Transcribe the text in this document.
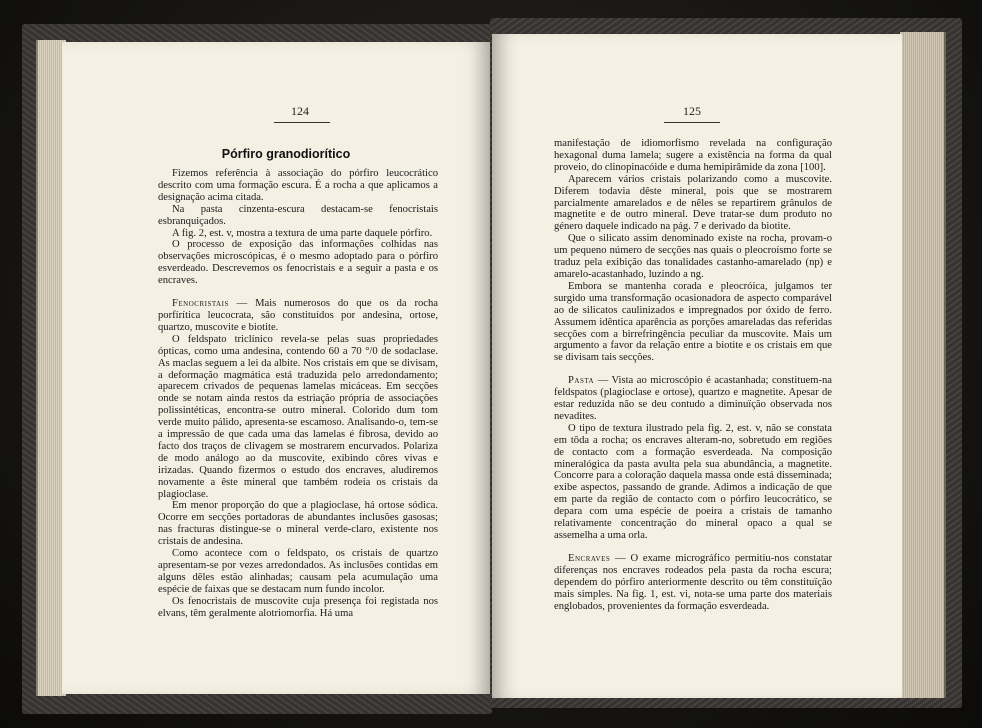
124
Pórfiro granodiorítico

Fizemos referência à associação do pórfiro leucocrático descrito com uma formação escura. É a rocha a que aplicamos a designação acima citada.

Na pasta cinzenta-escura destacam-se fenocristais esbranquiçados.

A fig. 2, est. v, mostra a textura de uma parte daquele pórfiro.

O processo de exposição das informações colhidas nas observações microscópicas, é o mesmo adoptado para o pórfiro esverdeado. Descrevemos os fenocristais e a seguir a pasta e os encraves.

Fenocristais — Mais numerosos do que os da rocha porfírítica leucocrata, são constituídos por andesina, ortose, quartzo, muscovite e biotite.

O feldspato triclínico revela-se pelas suas propriedades ópticas, como uma andesina, contendo 60 a 70 °/0 de sodaclase. As maclas seguem a lei da albite. Nos cristais em que se divisam, a deformação magmática está traduzida pelo arredondamento; aparecem crivados de pequenas lamelas micáceas. Em secções onde se notam ainda restos da estriação própria de associações polissintéticas, encontra-se outro mineral. Colorido dum tom verde muito pálido, apresenta-se escamoso. Analisando-o, tem-se a impressão de que cada uma das lamelas é fibrosa, devido ao facto dos traços de clivagem se mostrarem encurvados. Polariza de modo análogo ao da muscovite, exibindo côres vivas e irizadas. Quando fizermos o estudo dos encraves, aludiremos novamente a êste mineral que também rodeia os cristais da plagioclase.

Em menor proporção do que a plagioclase, há ortose sódica. Ocorre em secções portadoras de abundantes inclusões gasosas; nas fracturas distingue-se o mineral verde-claro, existente nos cristais de andesina.

Como acontece com o feldspato, os cristais de quartzo apresentam-se por vezes arredondados. As inclusões contidas em alguns dêles estão alinhadas; causam pela acumulação uma espécie de faixas que se destacam num fundo incolor.

Os fenocristais de muscovite cuja presença foi registada nos elvans, têm geralmente alotriomorfia. Há uma

125

manifestação de idiomorfismo revelada na configuração hexagonal duma lamela; sugere a existência na forma da qual proveio, do clinopinacóide e duma hemipirâmide da zona [100].

Aparecem vários cristais polarizando como a muscovite. Diferem todavia dêste mineral, pois que se mostrarem parcialmente amarelados e de nêles se repartirem grânulos de magnetite e de outro mineral. Deve tratar-se dum produto no género daquele indicado na pág. 7 e derivado da biotite.

Que o silicato assim denominado existe na rocha, provam-o um pequeno número de secções nas quais o pleocroísmo forte se traduz pela exibição das tonalidades castanho-amarelado (np) e amarelo-acastanhado, luzindo a ng.

Embora se mantenha corada e pleocróica, julgamos ter surgido uma transformação ocasionadora de aspecto comparável ao de silicatos caulinizados e impregnados por óxido de ferro. Assumem idêntica aparência as porções amareladas das referidas secções com a birrefringência peculiar da muscovite. Mais um argumento a favor da relação entre a biotite e os cristais em que se divisam tais secções.

Pasta — Vista ao microscópio é acastanhada; constituem-na feldspatos (plagioclase e ortose), quartzo e magnetite. Apesar de estar reduzida não se deu contudo a diminuïção observada nos nevadites.

O tipo de textura ilustrado pela fig. 2, est. v, não se constata em tôda a rocha; os encraves alteram-no, sobretudo em regiões de contacto com a formação esverdeada. Na composição mineralógica da pasta avulta pela sua abundância, a magnetite. Concorre para a coloração daquela massa onde está disseminada; exibe aspectos, passando de grande. Adimos a indicação de que em parte da região de contacto com o pórfiro leucocrático, se depara com uma espécie de poeira a cristais de tamanho relativamente concentração do mineral opaco a qual se assemelha a uma orla.

Encraves — O exame micrográfico permitiu-nos constatar diferenças nos encraves rodeados pela pasta da rocha escura; dependem do pórfiro anteriormente descrito ou têm constituïção mais simples. Na fig. 1, est. vi, nota-se uma parte dos materiais englobados, provenientes da formação esverdeada.
